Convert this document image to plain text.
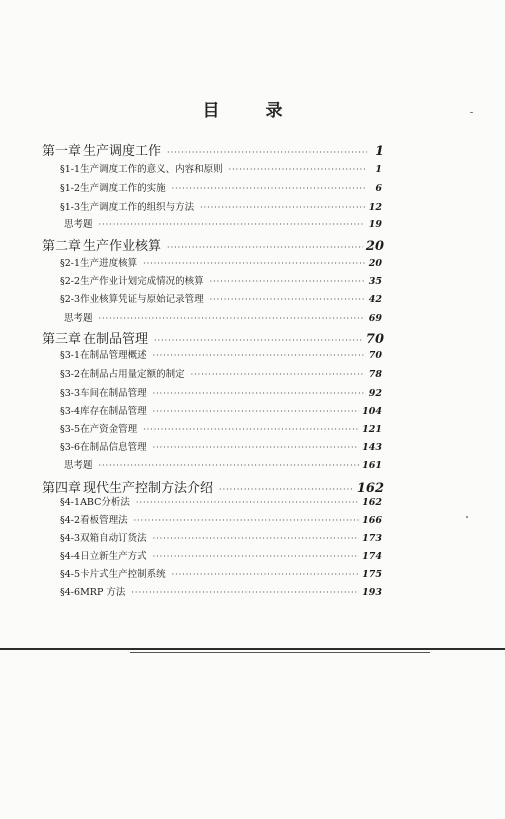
目 录
第一章 生产调度工作 ·····	1
§1-1 生产调度工作的意义、内容和原则 ·····	1
§1-2 生产调度工作的实施 ·····	6
§1-3 生产调度工作的组织与方法 ·····	12
思考题 ·····	19
第二章 生产作业核算 ·····	20
§2-1 生产进度核算 ·····	20
§2-2 生产作业计划完成情况的核算 ·····	35
§2-3 作业核算凭证与原始记录管理 ·····	42
思考题 ·····	69
第三章 在制品管理 ·····	70
§3-1 在制品管理概述 ·····	70
§3-2 在制品占用量定额的制定 ·····	78
§3-3 车间在制品管理 ·····	92
§3-4 库存在制品管理 ·····	104
§3-5 在产资金管理 ·····	121
§3-6 在制品信息管理 ·····	143
思考题 ·····	161
第四章 现代生产控制方法介绍 ·····	162
§4-1 ABC分析法 ·····	162
§4-2 看板管理法 ·····	166
§4-3 双箱自动订货法 ·····	173
§4-4 日立新生产方式 ·····	174
§4-5 卡片式生产控制系统 ·····	175
§4-6 MRP 方法 ·····	193
